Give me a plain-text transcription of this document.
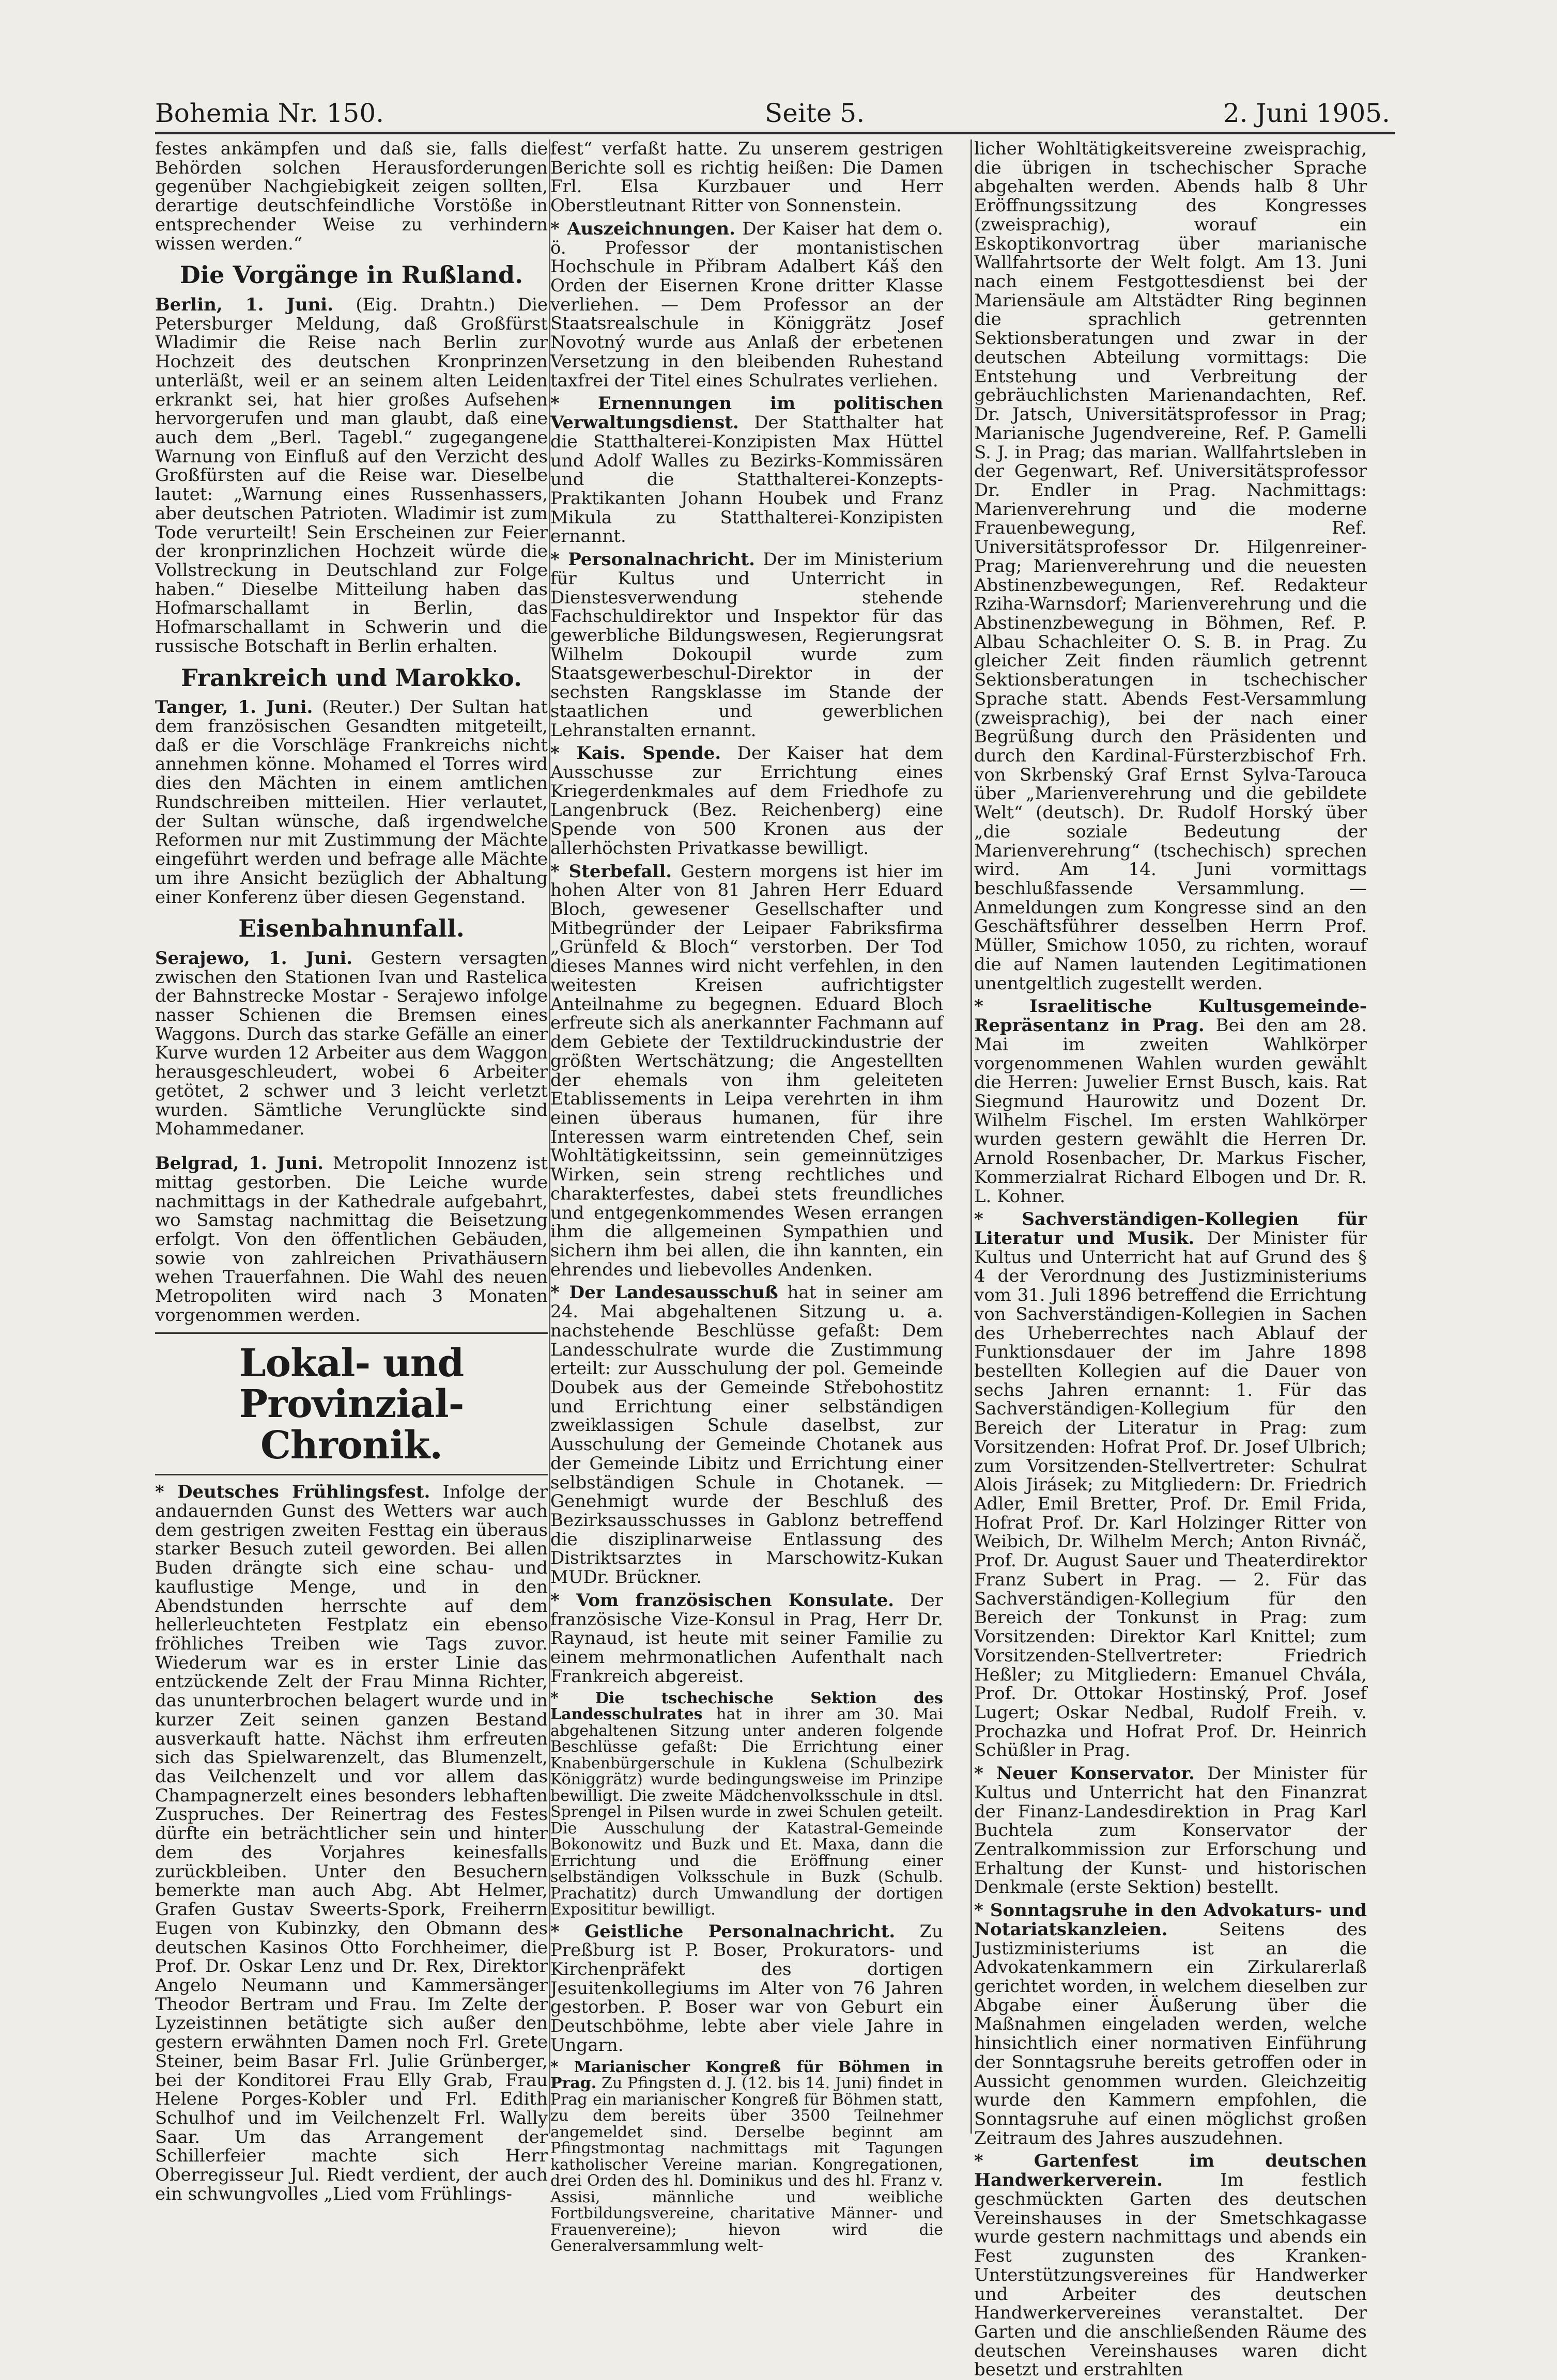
Bohemia Nr. 150.	Seite 5.	2. Juni 1905.

festes ankämpfen und daß sie, falls die Behörden solchen Herausforderungen gegenüber Nachgiebigkeit zeigen sollten, derartige deutschfeindliche Vorstöße in entsprechender Weise zu verhindern wissen werden.“

Die Vorgänge in Rußland.

Berlin, 1. Juni. (Eig. Drahtn.) Die Petersburger Meldung, daß Großfürst Wladimir die Reise nach Berlin zur Hochzeit des deutschen Kronprinzen unterläßt, weil er an seinem alten Leiden erkrankt sei, hat hier großes Aufsehen hervorgerufen und man glaubt, daß eine auch dem „Berl. Tagebl.“ zugegangene Warnung von Einfluß auf den Verzicht des Großfürsten auf die Reise war. Dieselbe lautet: „Warnung eines Russenhassers, aber deutschen Patrioten. Wladimir ist zum Tode verurteilt! Sein Erscheinen zur Feier der kronprinzlichen Hochzeit würde die Vollstreckung in Deutschland zur Folge haben.“ Dieselbe Mitteilung haben das Hofmarschallamt in Berlin, das Hofmarschallamt in Schwerin und die russische Botschaft in Berlin erhalten.

Frankreich und Marokko.

Tanger, 1. Juni. (Reuter.) Der Sultan hat dem französischen Gesandten mitgeteilt, daß er die Vorschläge Frankreichs nicht annehmen könne. Mohamed el Torres wird dies den Mächten in einem amtlichen Rundschreiben mitteilen. Hier verlautet, der Sultan wünsche, daß irgendwelche Reformen nur mit Zustimmung der Mächte eingeführt werden und befrage alle Mächte um ihre Ansicht bezüglich der Abhaltung einer Konferenz über diesen Gegenstand.

Eisenbahnunfall.

Serajewo, 1. Juni. Gestern versagten zwischen den Stationen Ivan und Rastelica der Bahnstrecke Mostar - Serajewo infolge nasser Schienen die Bremsen eines Waggons. Durch das starke Gefälle an einer Kurve wurden 12 Arbeiter aus dem Waggon herausgeschleudert, wobei 6 Arbeiter getötet, 2 schwer und 3 leicht verletzt wurden. Sämtliche Verunglückte sind Mohammedaner.

Belgrad, 1. Juni. Metropolit Innozenz ist mittag gestorben. Die Leiche wurde nachmittags in der Kathedrale aufgebahrt, wo Samstag nachmittag die Beisetzung erfolgt. Von den öffentlichen Gebäuden, sowie von zahlreichen Privathäusern wehen Trauerfahnen. Die Wahl des neuen Metropoliten wird nach 3 Monaten vorgenommen werden.

Lokal- und Provinzial-Chronik.

* Deutsches Frühlingsfest. Infolge der andauernden Gunst des Wetters war auch dem gestrigen zweiten Festtag ein überaus starker Besuch zuteil geworden. Bei allen Buden drängte sich eine schau- und kauflustige Menge, und in den Abendstunden herrschte auf dem hellerleuchteten Festplatz ein ebenso fröhliches Treiben wie Tags zuvor. Wiederum war es in erster Linie das entzückende Zelt der Frau Minna Richter, das ununterbrochen belagert wurde und in kurzer Zeit seinen ganzen Bestand ausverkauft hatte. Nächst ihm erfreuten sich das Spielwarenzelt, das Blumenzelt, das Veilchenzelt und vor allem das Champagnerzelt eines besonders lebhaften Zuspruches. Der Reinertrag des Festes dürfte ein beträchtlicher sein und hinter dem des Vorjahres keinesfalls zurückbleiben. Unter den Besuchern bemerkte man auch Abg. Abt Helmer, Grafen Gustav Sweerts-Spork, Freiherrn Eugen von Kubinzky, den Obmann des deutschen Kasinos Otto Forchheimer, die Prof. Dr. Oskar Lenz und Dr. Rex, Direktor Angelo Neumann und Kammersänger Theodor Bertram und Frau. Im Zelte der Lyzeistinnen betätigte sich außer den gestern erwähnten Damen noch Frl. Grete Steiner, beim Basar Frl. Julie Grünberger, bei der Konditorei Frau Elly Grab, Frau Helene Porges-Kobler und Frl. Edith Schulhof und im Veilchenzelt Frl. Wally Saar. Um das Arrangement der Schillerfeier machte sich Herr Oberregisseur Jul. Riedt verdient, der auch ein schwungvolles „Lied vom Frühlings-

fest“ verfaßt hatte. Zu unserem gestrigen Berichte soll es richtig heißen: Die Damen Frl. Elsa Kurzbauer und Herr Oberstleutnant Ritter von Sonnenstein.

* Auszeichnungen. Der Kaiser hat dem o. ö. Professor der montanistischen Hochschule in Přibram Adalbert Káš den Orden der Eisernen Krone dritter Klasse verliehen. — Dem Professor an der Staatsrealschule in Königgrätz Josef Novotný wurde aus Anlaß der erbetenen Versetzung in den bleibenden Ruhestand taxfrei der Titel eines Schulrates verliehen.

* Ernennungen im politischen Verwaltungsdienst. Der Statthalter hat die Statthalterei-Konzipisten Max Hüttel und Adolf Walles zu Bezirks-Kommissären und die Statthalterei-Konzepts-Praktikanten Johann Houbek und Franz Mikula zu Statthalterei-Konzipisten ernannt.

* Personalnachricht. Der im Ministerium für Kultus und Unterricht in Dienstesverwendung stehende Fachschuldirektor und Inspektor für das gewerbliche Bildungswesen, Regierungsrat Wilhelm Dokoupil wurde zum Staatsgewerbeschul-Direktor in der sechsten Rangsklasse im Stande der staatlichen und gewerblichen Lehranstalten ernannt.

* Kais. Spende. Der Kaiser hat dem Ausschusse zur Errichtung eines Kriegerdenkmales auf dem Friedhofe zu Langenbruck (Bez. Reichenberg) eine Spende von 500 Kronen aus der allerhöchsten Privatkasse bewilligt.

* Sterbefall. Gestern morgens ist hier im hohen Alter von 81 Jahren Herr Eduard Bloch, gewesener Gesellschafter und Mitbegründer der Leipaer Fabriksfirma „Grünfeld & Bloch“ verstorben. Der Tod dieses Mannes wird nicht verfehlen, in den weitesten Kreisen aufrichtigster Anteilnahme zu begegnen. Eduard Bloch erfreute sich als anerkannter Fachmann auf dem Gebiete der Textildruckindustrie der größten Wertschätzung; die Angestellten der ehemals von ihm geleiteten Etablissements in Leipa verehrten in ihm einen überaus humanen, für ihre Interessen warm eintretenden Chef, sein Wohltätigkeitssinn, sein gemeinnütziges Wirken, sein streng rechtliches und charakterfestes, dabei stets freundliches und entgegenkommendes Wesen errangen ihm die allgemeinen Sympathien und sichern ihm bei allen, die ihn kannten, ein ehrendes und liebevolles Andenken.

* Der Landesausschuß hat in seiner am 24. Mai abgehaltenen Sitzung u. a. nachstehende Beschlüsse gefaßt: Dem Landesschulrate wurde die Zustimmung erteilt: zur Ausschulung der pol. Gemeinde Doubek aus der Gemeinde Střebohostitz und Errichtung einer selbständigen zweiklassigen Schule daselbst, zur Ausschulung der Gemeinde Chotanek aus der Gemeinde Libitz und Errichtung einer selbständigen Schule in Chotanek. — Genehmigt wurde der Beschluß des Bezirksausschusses in Gablonz betreffend die disziplinarweise Entlassung des Distriktsarztes in Marschowitz-Kukan MUDr. Brückner.

* Vom französischen Konsulate. Der französische Vize-Konsul in Prag, Herr Dr. Raynaud, ist heute mit seiner Familie zu einem mehrmonatlichen Aufenthalt nach Frankreich abgereist.

* Die tschechische Sektion des Landesschulrates hat in ihrer am 30. Mai abgehaltenen Sitzung unter anderen folgende Beschlüsse gefaßt: Die Errichtung einer Knabenbürgerschule in Kuklena (Schulbezirk Königgrätz) wurde bedingungsweise im Prinzipe bewilligt. Die zweite Mädchenvolksschule in dtsl. Sprengel in Pilsen wurde in zwei Schulen geteilt. Die Ausschulung der Katastral-Gemeinde Bokonowitz und Buzk und Et. Maxa, dann die Errichtung und die Eröffnung einer selbständigen Volksschule in Buzk (Schulb. Prachatitz) durch Umwandlung der dortigen Exposititur bewilligt.

* Geistliche Personalnachricht. Zu Preßburg ist P. Boser, Prokurators- und Kirchenpräfekt des dortigen Jesuitenkollegiums im Alter von 76 Jahren gestorben. P. Boser war von Geburt ein Deutschböhme, lebte aber viele Jahre in Ungarn.

* Marianischer Kongreß für Böhmen in Prag. Zu Pfingsten d. J. (12. bis 14. Juni) findet in Prag ein marianischer Kongreß für Böhmen statt, zu dem bereits über 3500 Teilnehmer angemeldet sind. Derselbe beginnt am Pfingstmontag nachmittags mit Tagungen katholischer Vereine marian. Kongregationen, drei Orden des hl. Dominikus und des hl. Franz v. Assisi, männliche und weibliche Fortbildungsvereine, charitative Männer- und Frauenvereine); hievon wird die Generalversammlung welt-

licher Wohltätigkeitsvereine zweisprachig, die übrigen in tschechischer Sprache abgehalten werden. Abends halb 8 Uhr Eröffnungssitzung des Kongresses (zweisprachig), worauf ein Eskoptikonvortrag über marianische Wallfahrtsorte der Welt folgt. Am 13. Juni nach einem Festgottesdienst bei der Mariensäule am Altstädter Ring beginnen die sprachlich getrennten Sektionsberatungen und zwar in der deutschen Abteilung vormittags: Die Entstehung und Verbreitung der gebräuchlichsten Marienandachten, Ref. Dr. Jatsch, Universitätsprofessor in Prag; Marianische Jugendvereine, Ref. P. Gamelli S. J. in Prag; das marian. Wallfahrtsleben in der Gegenwart, Ref. Universitätsprofessor Dr. Endler in Prag. Nachmittags: Marienverehrung und die moderne Frauenbewegung, Ref. Universitätsprofessor Dr. Hilgenreiner-Prag; Marienverehrung und die neuesten Abstinenzbewegungen, Ref. Redakteur Rziha-Warnsdorf; Marienverehrung und die Abstinenzbewegung in Böhmen, Ref. P. Albau Schachleiter O. S. B. in Prag. Zu gleicher Zeit finden räumlich getrennt Sektionsberatungen in tschechischer Sprache statt. Abends Fest-Versammlung (zweisprachig), bei der nach einer Begrüßung durch den Präsidenten und durch den Kardinal-Fürsterzbischof Frh. von Skrbenský Graf Ernst Sylva-Tarouca über „Marienverehrung und die gebildete Welt“ (deutsch). Dr. Rudolf Horský über „die soziale Bedeutung der Marienverehrung“ (tschechisch) sprechen wird. Am 14. Juni vormittags beschlußfassende Versammlung. — Anmeldungen zum Kongresse sind an den Geschäftsführer desselben Herrn Prof. Müller, Smichow 1050, zu richten, worauf die auf Namen lautenden Legitimationen unentgeltlich zugestellt werden.

* Israelitische Kultusgemeinde-Repräsentanz in Prag. Bei den am 28. Mai im zweiten Wahlkörper vorgenommenen Wahlen wurden gewählt die Herren: Juwelier Ernst Busch, kais. Rat Siegmund Haurowitz und Dozent Dr. Wilhelm Fischel. Im ersten Wahlkörper wurden gestern gewählt die Herren Dr. Arnold Rosenbacher, Dr. Markus Fischer, Kommerzialrat Richard Elbogen und Dr. R. L. Kohner.

* Sachverständigen-Kollegien für Literatur und Musik. Der Minister für Kultus und Unterricht hat auf Grund des § 4 der Verordnung des Justizministeriums vom 31. Juli 1896 betreffend die Errichtung von Sachverständigen-Kollegien in Sachen des Urheberrechtes nach Ablauf der Funktionsdauer der im Jahre 1898 bestellten Kollegien auf die Dauer von sechs Jahren ernannt: 1. Für das Sachverständigen-Kollegium für den Bereich der Literatur in Prag: zum Vorsitzenden: Hofrat Prof. Dr. Josef Ulbrich; zum Vorsitzenden-Stellvertreter: Schulrat Alois Jirásek; zu Mitgliedern: Dr. Friedrich Adler, Emil Bretter, Prof. Dr. Emil Frida, Hofrat Prof. Dr. Karl Holzinger Ritter von Weibich, Dr. Wilhelm Merch; Anton Rivnáč, Prof. Dr. August Sauer und Theaterdirektor Franz Subert in Prag. — 2. Für das Sachverständigen-Kollegium für den Bereich der Tonkunst in Prag: zum Vorsitzenden: Direktor Karl Knittel; zum Vorsitzenden-Stellvertreter: Friedrich Heßler; zu Mitgliedern: Emanuel Chvála, Prof. Dr. Ottokar Hostinský, Prof. Josef Lugert; Oskar Nedbal, Rudolf Freih. v. Prochazka und Hofrat Prof. Dr. Heinrich Schüßler in Prag.

* Neuer Konservator. Der Minister für Kultus und Unterricht hat den Finanzrat der Finanz-Landesdirektion in Prag Karl Buchtela zum Konservator der Zentralkommission zur Erforschung und Erhaltung der Kunst- und historischen Denkmale (erste Sektion) bestellt.

* Sonntagsruhe in den Advokaturs- und Notariatskanzleien.	Seitens des Justizministeriums ist an die Advokatenkammern ein Zirkularerlaß gerichtet worden, in welchem dieselben zur Abgabe einer Äußerung über die Maßnahmen eingeladen werden, welche hinsichtlich einer normativen Einführung der Sonntagsruhe bereits getroffen oder in Aussicht genommen wurden. Gleichzeitig wurde den Kammern empfohlen, die Sonntagsruhe auf einen möglichst großen Zeitraum des Jahres auszudehnen.

* Gartenfest im deutschen Handwerkerverein.	Im festlich geschmückten Garten des deutschen Vereinshauses in der Smetschkagasse wurde gestern nachmittags und abends ein Fest zugunsten des Kranken-Unterstützungsvereines für Handwerker und Arbeiter des deutschen Handwerkervereines veranstaltet. Der Garten und die anschließenden Räume des deutschen Vereinshauses waren dicht besetzt und erstrahlten
